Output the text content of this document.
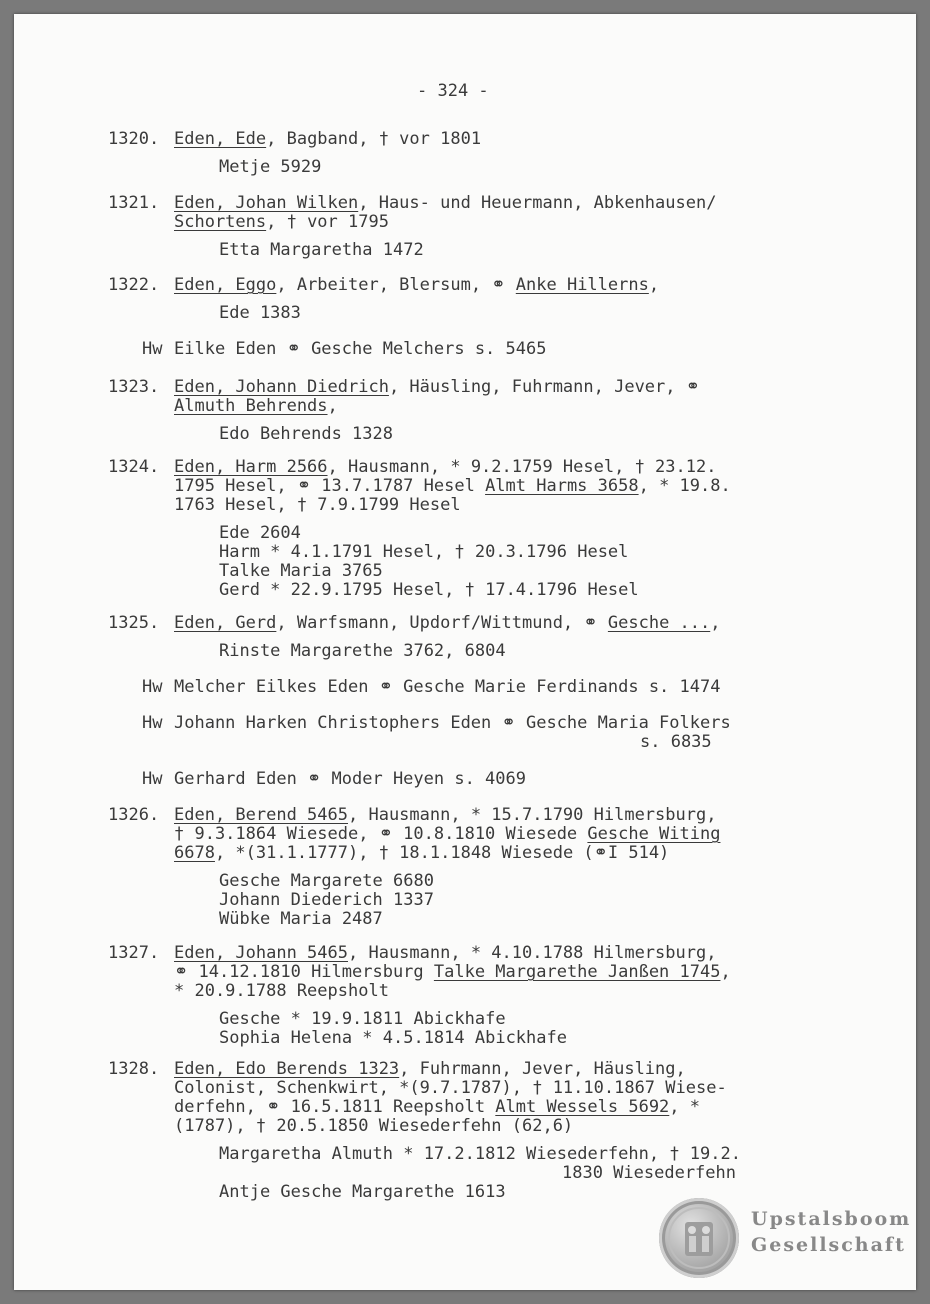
- 324 -
1320. Eden, Ede, Bagband, † vor 1801
Metje 5929
1321. Eden, Johan Wilken, Haus- und Heuermann, Abkenhausen/
Schortens, † vor 1795
Etta Margaretha 1472
1322. Eden, Eggo, Arbeiter, Blersum, ⚭ Anke Hillerns,
Ede 1383
Hw Eilke Eden ⚭ Gesche Melchers s. 5465
1323. Eden, Johann Diedrich, Häusling, Fuhrmann, Jever, ⚭
Almuth Behrends,
Edo Behrends 1328
1324. Eden, Harm 2566, Hausmann, * 9.2.1759 Hesel, † 23.12.
1795 Hesel, ⚭ 13.7.1787 Hesel Almt Harms 3658, * 19.8.
1763 Hesel, † 7.9.1799 Hesel
Ede 2604
Harm * 4.1.1791 Hesel, † 20.3.1796 Hesel
Talke Maria 3765
Gerd * 22.9.1795 Hesel, † 17.4.1796 Hesel
1325. Eden, Gerd, Warfsmann, Updorf/Wittmund, ⚭ Gesche ...,
Rinste Margarethe 3762, 6804
Hw Melcher Eilkes Eden ⚭ Gesche Marie Ferdinands s. 1474
Hw Johann Harken Christophers Eden ⚭ Gesche Maria Folkers
s. 6835
Hw Gerhard Eden ⚭ Moder Heyen s. 4069
1326. Eden, Berend 5465, Hausmann, * 15.7.1790 Hilmersburg,
† 9.3.1864 Wiesede, ⚭ 10.8.1810 Wiesede Gesche Witing
6678, *(31.1.1777), † 18.1.1848 Wiesede (⚭I 514)
Gesche Margarete 6680
Johann Diederich 1337
Wübke Maria 2487
1327. Eden, Johann 5465, Hausmann, * 4.10.1788 Hilmersburg,
⚭ 14.12.1810 Hilmersburg Talke Margarethe Janßen 1745,
* 20.9.1788 Reepsholt
Gesche * 19.9.1811 Abickhafe
Sophia Helena * 4.5.1814 Abickhafe
1328. Eden, Edo Berends 1323, Fuhrmann, Jever, Häusling,
Colonist, Schenkwirt, *(9.7.1787), † 11.10.1867 Wiese-
derfehn, ⚭ 16.5.1811 Reepsholt Almt Wessels 5692, *
(1787), † 20.5.1850 Wiesederfehn (62,6)
Margaretha Almuth * 17.2.1812 Wiesederfehn, † 19.2.
1830 Wiesederfehn
Antje Gesche Margarethe 1613
Upstalsboom
Gesellschaft
